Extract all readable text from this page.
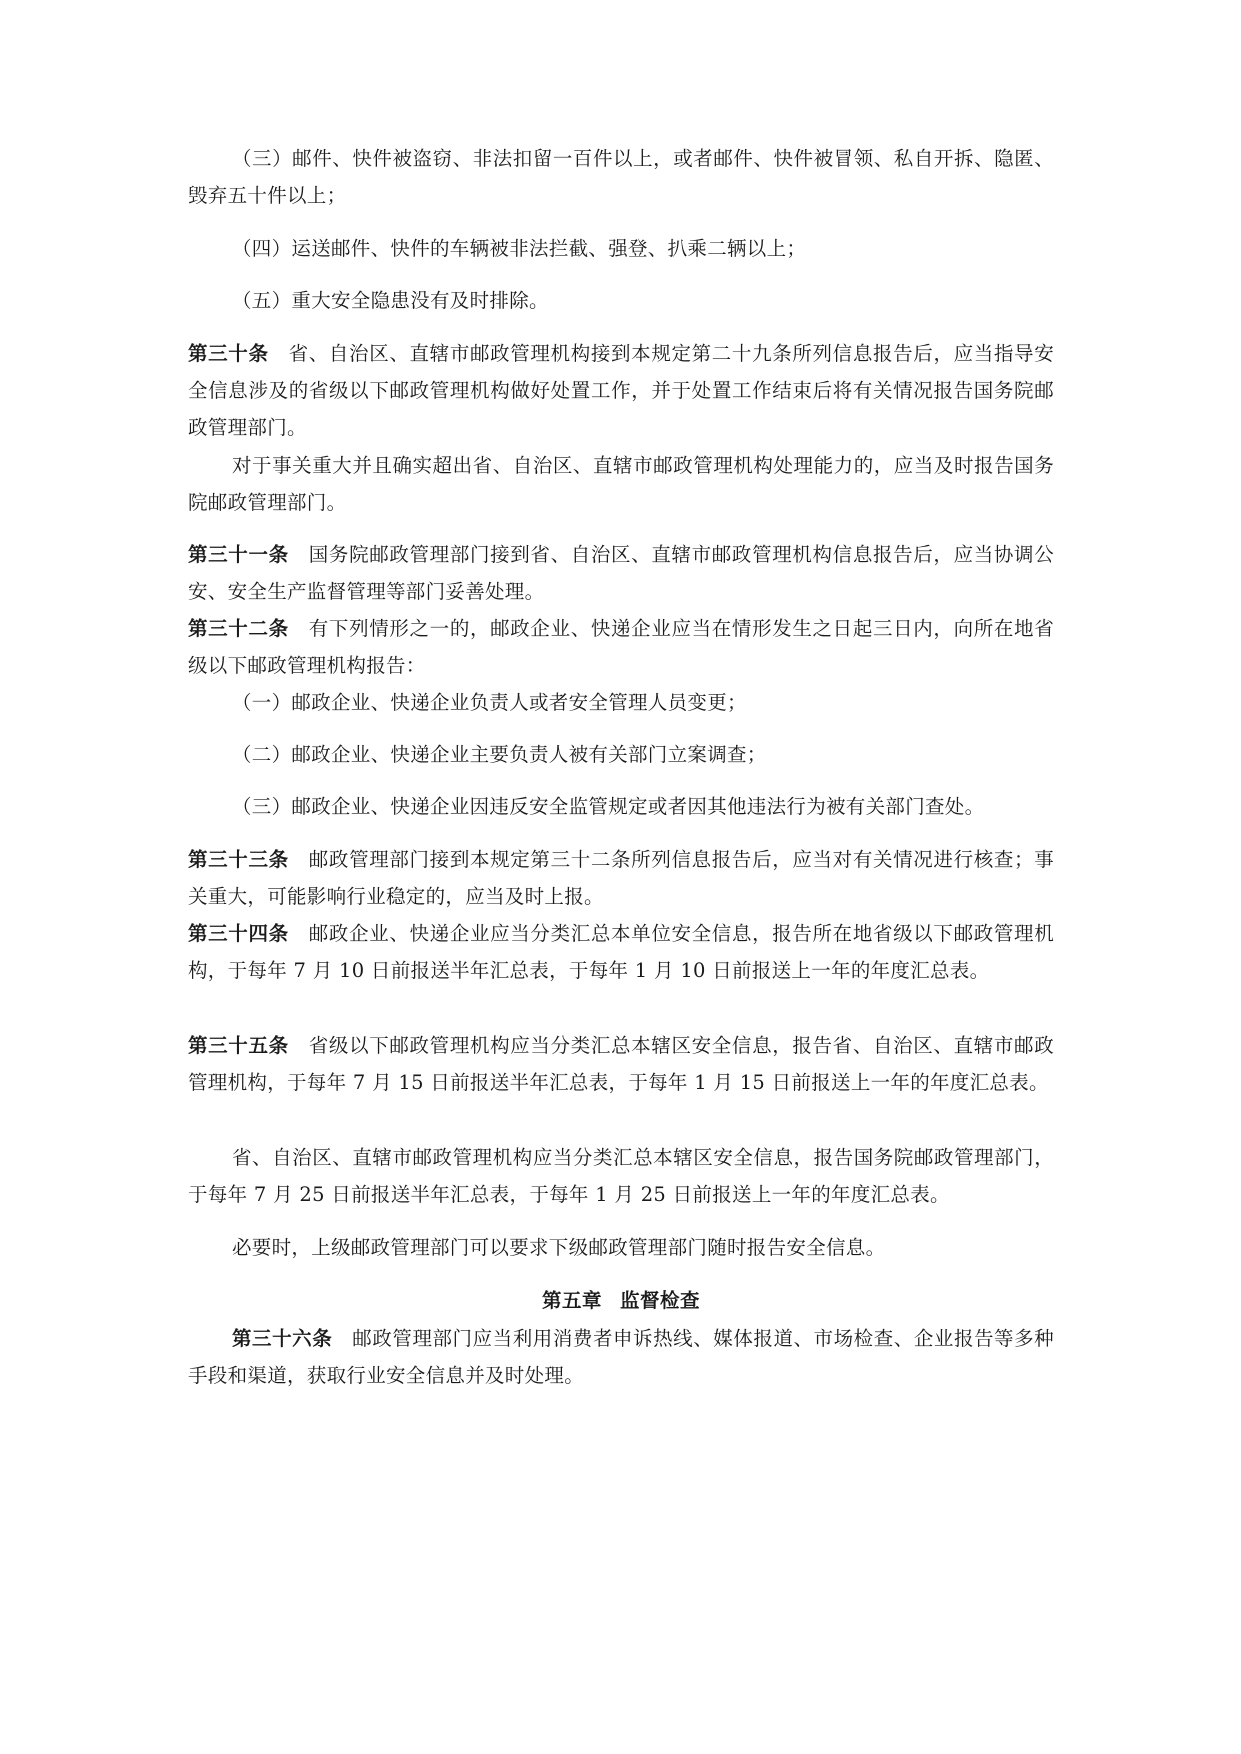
（三）邮件、快件被盗窃、非法扣留一百件以上，或者邮件、快件被冒领、私自开拆、隐匿、毁弃五十件以上；

（四）运送邮件、快件的车辆被非法拦截、强登、扒乘二辆以上；

（五）重大安全隐患没有及时排除。

第三十条 省、自治区、直辖市邮政管理机构接到本规定第二十九条所列信息报告后，应当指导安全信息涉及的省级以下邮政管理机构做好处置工作，并于处置工作结束后将有关情况报告国务院邮政管理部门。

对于事关重大并且确实超出省、自治区、直辖市邮政管理机构处理能力的，应当及时报告国务院邮政管理部门。

第三十一条 国务院邮政管理部门接到省、自治区、直辖市邮政管理机构信息报告后，应当协调公安、安全生产监督管理等部门妥善处理。

第三十二条 有下列情形之一的，邮政企业、快递企业应当在情形发生之日起三日内，向所在地省级以下邮政管理机构报告：

（一）邮政企业、快递企业负责人或者安全管理人员变更；

（二）邮政企业、快递企业主要负责人被有关部门立案调查；

（三）邮政企业、快递企业因违反安全监管规定或者因其他违法行为被有关部门查处。

第三十三条 邮政管理部门接到本规定第三十二条所列信息报告后，应当对有关情况进行核查；事关重大，可能影响行业稳定的，应当及时上报。

第三十四条 邮政企业、快递企业应当分类汇总本单位安全信息，报告所在地省级以下邮政管理机构，于每年 7 月 10 日前报送半年汇总表，于每年 1 月 10 日前报送上一年的年度汇总表。

第三十五条 省级以下邮政管理机构应当分类汇总本辖区安全信息，报告省、自治区、直辖市邮政管理机构，于每年 7 月 15 日前报送半年汇总表，于每年 1 月 15 日前报送上一年的年度汇总表。

省、自治区、直辖市邮政管理机构应当分类汇总本辖区安全信息，报告国务院邮政管理部门，于每年 7 月 25 日前报送半年汇总表，于每年 1 月 25 日前报送上一年的年度汇总表。

必要时，上级邮政管理部门可以要求下级邮政管理部门随时报告安全信息。

第五章 监督检查

第三十六条 邮政管理部门应当利用消费者申诉热线、媒体报道、市场检查、企业报告等多种手段和渠道，获取行业安全信息并及时处理。
